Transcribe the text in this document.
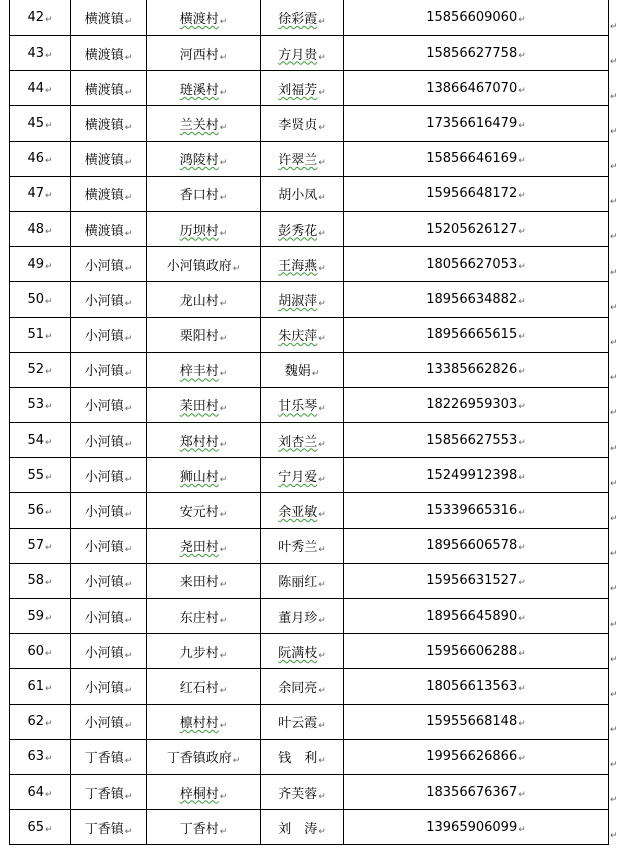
42↵	横渡镇↵	横渡村↵	徐彩霞↵	15856609060↵
43↵	横渡镇↵	河西村↵	方月贵↵	15856627758↵
44↵	横渡镇↵	琏溪村↵	刘福芳↵	13866467070↵
45↵	横渡镇↵	兰关村↵	李贤贞↵	17356616479↵
46↵	横渡镇↵	鸿陵村↵	许翠兰↵	15856646169↵
47↵	横渡镇↵	香口村↵	胡小凤↵	15956648172↵
48↵	横渡镇↵	历坝村↵	彭秀花↵	15205626127↵
49↵	小河镇↵	小河镇政府↵	王海燕↵	18056627053↵
50↵	小河镇↵	龙山村↵	胡淑萍↵	18956634882↵
51↵	小河镇↵	栗阳村↵	朱庆萍↵	18956665615↵
52↵	小河镇↵	梓丰村↵	魏娟↵	13385662826↵
53↵	小河镇↵	苿田村↵	甘乐琴↵	18226959303↵
54↵	小河镇↵	郑村村↵	刘杏兰↵	15856627553↵
55↵	小河镇↵	狮山村↵	宁月爱↵	15249912398↵
56↵	小河镇↵	安元村↵	余亚敏↵	15339665316↵
57↵	小河镇↵	尧田村↵	叶秀兰↵	18956606578↵
58↵	小河镇↵	来田村↵	陈丽红↵	15956631527↵
59↵	小河镇↵	东庄村↵	董月珍↵	18956645890↵
60↵	小河镇↵	九步村↵	阮满枝↵	15956606288↵
61↵	小河镇↵	红石村↵	余同亮↵	18056613563↵
62↵	小河镇↵	檩村村↵	叶云霞↵	15955668148↵
63↵	丁香镇↵	丁香镇政府↵	钱　利↵	19956626866↵
64↵	丁香镇↵	梓桐村↵	齐芙蓉↵	18356676367↵
65↵	丁香镇↵	丁香村↵	刘　涛↵	13965906099↵
↵
↵
↵
↵
↵
↵
↵
↵
↵
↵
↵
↵
↵
↵
↵
↵
↵
↵
↵
↵
↵
↵
↵
↵
